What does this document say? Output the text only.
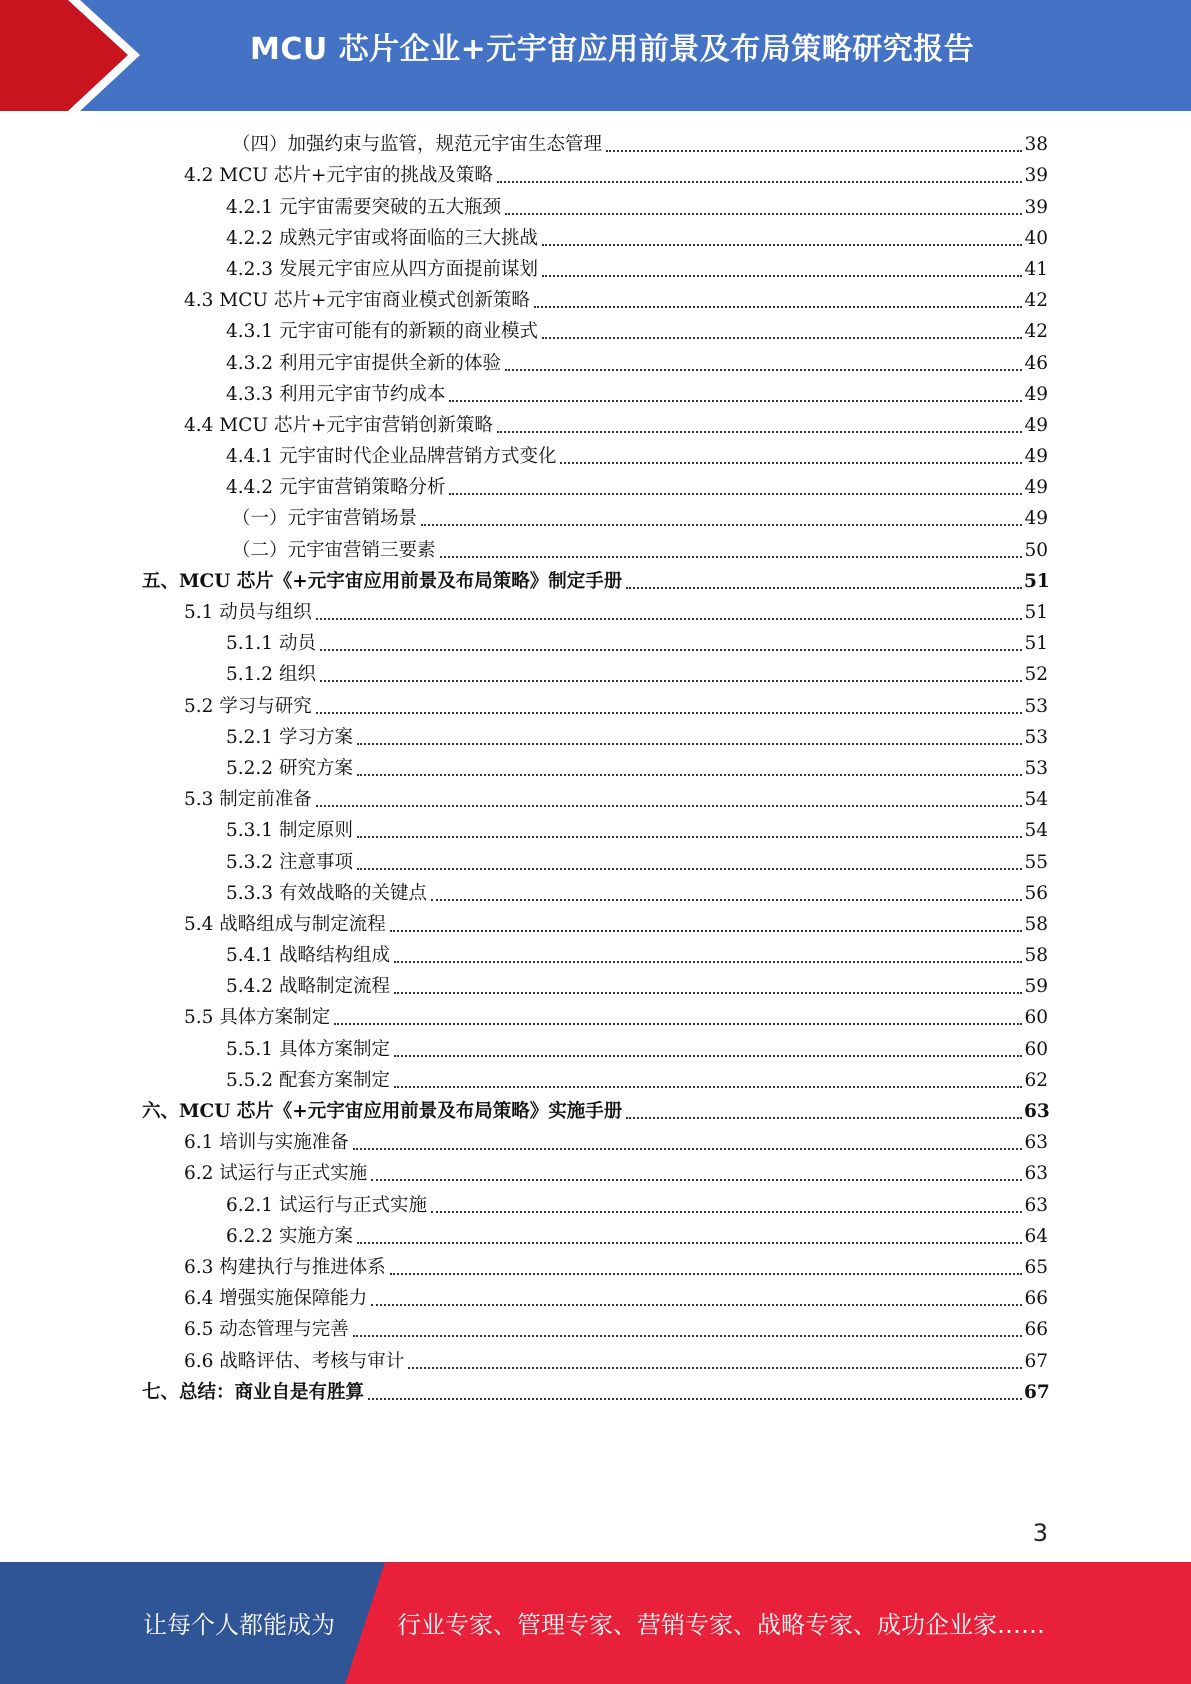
MCU 芯片企业+元宇宙应用前景及布局策略研究报告
（四）加强约束与监管，规范元宇宙生态管理	38
4.2 MCU 芯片+元宇宙的挑战及策略	39
4.2.1 元宇宙需要突破的五大瓶颈	39
4.2.2 成熟元宇宙或将面临的三大挑战	40
4.2.3 发展元宇宙应从四方面提前谋划	41
4.3 MCU 芯片+元宇宙商业模式创新策略	42
4.3.1 元宇宙可能有的新颖的商业模式	42
4.3.2 利用元宇宙提供全新的体验	46
4.3.3 利用元宇宙节约成本	49
4.4 MCU 芯片+元宇宙营销创新策略	49
4.4.1 元宇宙时代企业品牌营销方式变化	49
4.4.2 元宇宙营销策略分析	49
（一）元宇宙营销场景	49
（二）元宇宙营销三要素	50
五、MCU 芯片《+元宇宙应用前景及布局策略》制定手册	51
5.1 动员与组织	51
5.1.1 动员	51
5.1.2 组织	52
5.2 学习与研究	53
5.2.1 学习方案	53
5.2.2 研究方案	53
5.3 制定前准备	54
5.3.1 制定原则	54
5.3.2 注意事项	55
5.3.3 有效战略的关键点	56
5.4 战略组成与制定流程	58
5.4.1 战略结构组成	58
5.4.2 战略制定流程	59
5.5 具体方案制定	60
5.5.1 具体方案制定	60
5.5.2 配套方案制定	62
六、MCU 芯片《+元宇宙应用前景及布局策略》实施手册	63
6.1 培训与实施准备	63
6.2 试运行与正式实施	63
6.2.1 试运行与正式实施	63
6.2.2 实施方案	64
6.3 构建执行与推进体系	65
6.4 增强实施保障能力	66
6.5 动态管理与完善	66
6.6 战略评估、考核与审计	67
七、总结：商业自是有胜算	67
3
让每个人都能成为	行业专家、管理专家、营销专家、战略专家、成功企业家……
